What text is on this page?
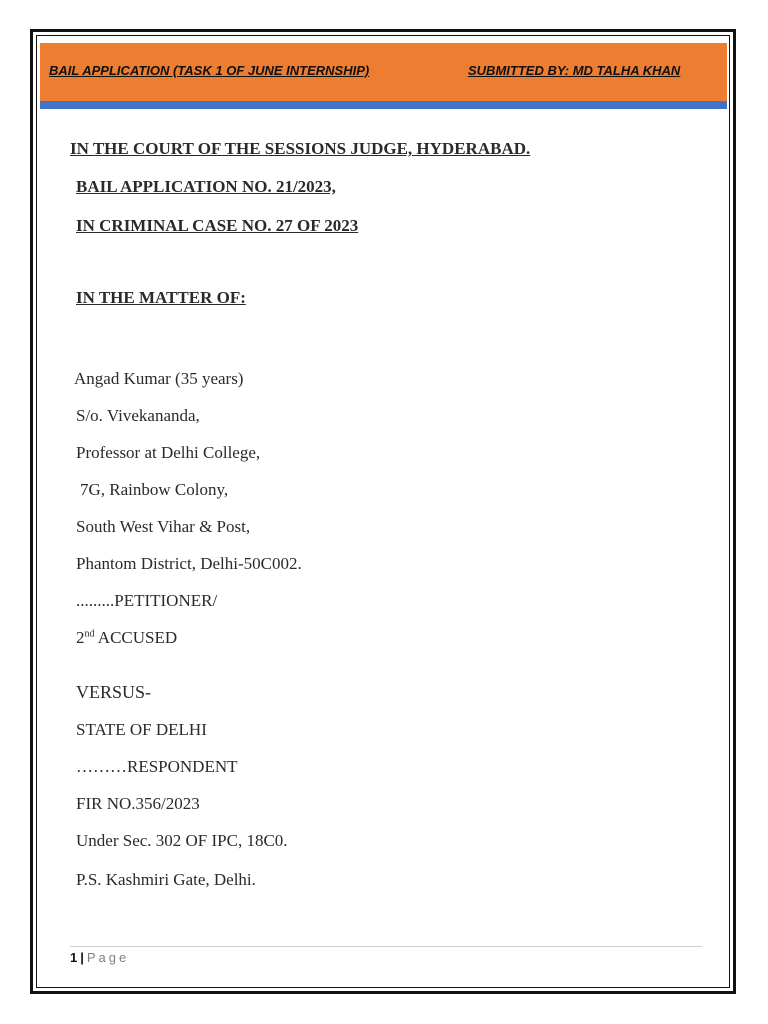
BAIL APPLICATION (TASK 1 OF JUNE INTERNSHIP)	SUBMITTED BY: MD TALHA KHAN
IN THE COURT OF THE SESSIONS JUDGE, HYDERABAD.
BAIL APPLICATION NO. 21/2023,
IN CRIMINAL CASE NO. 27 OF 2023
IN THE MATTER OF:
Angad Kumar (35 years)
S/o. Vivekananda,
Professor at Delhi College,
7G, Rainbow Colony,
South West Vihar & Post,
Phantom District, Delhi-50C002.
.........PETITIONER/
2nd ACCUSED
VERSUS-
STATE OF DELHI
………RESPONDENT
FIR NO.356/2023
Under Sec. 302 OF IPC, 18C0.
P.S. Kashmiri Gate, Delhi.
1 | Page
